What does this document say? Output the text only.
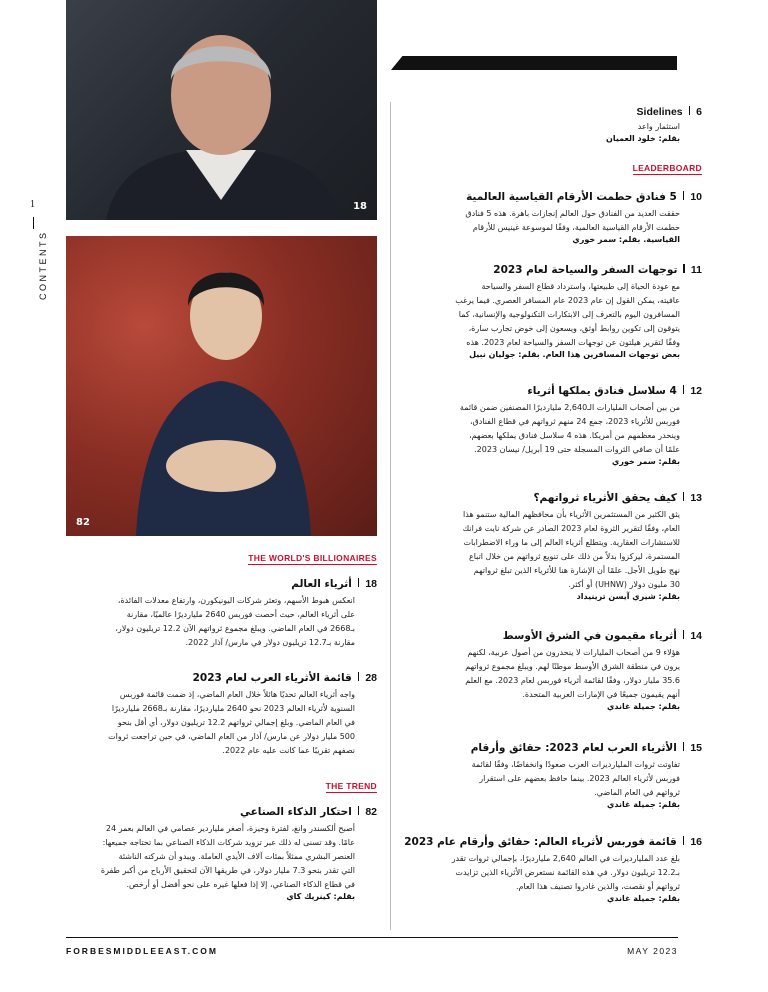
1
CONTENTS
18
82
6
Sidelines
استثمار واعد
بقلم: خلود العميان
LEADERBOARD
THE WORLD'S BILLIONAIRES
THE TREND
10
5 فنادق حطمت الأرقام القياسية العالمية
حققت العديد من الفنادق حول العالم إنجازات باهرة. هذه 5 فنادق
حطمت الأرقام القياسية العالمية، وفقًا لموسوعة غينيس للأرقام
القياسية. بقلم: سمر خوري
11
توجهات السفر والسياحة لعام 2023
مع عودة الحياة إلى طبيعتها، واسترداد قطاع السفر والسياحة
عافيته، يمكن القول إن عام 2023 عام المسافر العصري. فيما يرغب
المسافرون اليوم بالتعرف إلى الابتكارات التكنولوجية والإنسانية، كما
يتوقون إلى تكوين روابط أوثق، ويسعون إلى خوض تجارب سارة،
وفقًا لتقرير هيلتون عن توجهات السفر والسياحة لعام 2023. هذه
بعض توجهات المسافرين هذا العام. بقلم: جوليان نبيل
12
4 سلاسل فنادق يملكها أثرياء
من بين أصحاب المليارات الـ2,640 مليارديرًا المصنفين ضمن قائمة
فوربس للأثرياء 2023، جمع 24 منهم ثرواتهم في قطاع الفنادق،
وينحدر معظمهم من أمريكا. هذه 4 سلاسل فنادق يملكها بعضهم،
علمًا أن صافي الثروات المسجلة حتى 19 أبريل/ نيسان 2023.
بقلم: سمر خوري
13
كيف يحقق الأثرياء ثرواتهم؟
يثق الكثير من المستثمرين الأثرياء بأن محافظهم المالية ستنمو هذا
العام، وفقًا لتقرير الثروة لعام 2023 الصادر عن شركة نايت فرانك
للاستشارات العقارية. ويتطلع أثرياء العالم إلى ما وراء الاضطرابات
المستمرة، ليركزوا بدلاً من ذلك على تنويع ثرواتهم من خلال اتباع
نهج طويل الأجل. علمًا أن الإشارة هنا للأثرياء الذين تبلغ ثرواتهم
30 مليون دولار (UHNW) أو أكثر.
بقلم: شيري آيسن ترينيداد
14
أثرياء مقيمون في الشرق الأوسط
هؤلاء 9 من أصحاب المليارات لا ينحدرون من أصول عربية، لكنهم
يرون في منطقة الشرق الأوسط موطنًا لهم. ويبلغ مجموع ثرواتهم
35.6 مليار دولار، وفقًا لقائمة أثرياء فوربس لعام 2023. مع العلم
أنهم يقيمون جميعًا في الإمارات العربية المتحدة.
بقلم: جميلة غاندي
15
الأثرياء العرب لعام 2023: حقائق وأرقام
تفاوتت ثروات المليارديرات العرب صعودًا وانخفاضًا، وفقًا لقائمة
فوربس لأثرياء العالم 2023. بينما حافظ بعضهم على استقرار
ثرواتهم في العام الماضي.
بقلم: جميلة غاندي
16
قائمة فوربس لأثرياء العالم: حقائق وأرقام عام 2023
بلغ عدد المليارديرات في العالم 2,640 مليارديرًا، بإجمالي ثروات تقدر
بـ12.2 تريليون دولار. في هذه القائمة نستعرض الأثرياء الذين تزايدت
ثرواتهم أو نقصت، والذين غادروا تصنيف هذا العام.
بقلم: جميلة غاندي
18
أثرياء العالم
انعكس هبوط الأسهم، وتعثر شركات اليونيكورن، وارتفاع معدلات الفائدة،
على أثرياء العالم، حيث أحصت فوربس 2640 مليارديرًا عالميًا، مقارنة
بـ2668 في العام الماضي. ويبلغ مجموع ثرواتهم الآن 12.2 تريليون دولار،
مقارنة بـ12.7 تريليون دولار في مارس/ آذار 2022.
28
قائمة الأثرياء العرب لعام 2023
واجه أثرياء العالم تحديًا هائلاً خلال العام الماضي، إذ ضمت قائمة فوربس
السنوية لأثرياء العالم 2023 نحو 2640 مليارديرًا، مقارنة بـ2668 مليارديرًا
في العام الماضي. وبلغ إجمالي ثرواتهم 12.2 تريليون دولار، أي أقل بنحو
500 مليار دولار عن مارس/ آذار من العام الماضي، في حين تراجعت ثروات
نصفهم تقريبًا عما كانت عليه عام 2022.
82
احتكار الذكاء الصناعي
أصبح ألكسندر وانغ، لفترة وجيزة، أصغر ملياردير عصامي في العالم بعمر 24
عامًا. وقد تسنى له ذلك عبر تزويد شركات الذكاء الصناعي بما تحتاجه جميعها:
العنصر البشري ممثلاً بمئات آلاف الأيدي العاملة. ويبدو أن شركته الناشئة
التي تقدر بنحو 7.3 مليار دولار، في طريقها الآن لتحقيق الأرباح من أكبر طفرة
في قطاع الذكاء الصناعي، إلا إذا فعلها غيره على نحو أفضل أو أرخص.
بقلم: كينريك كاي
FORBESMIDDLEEAST.COM	MAY 2023
